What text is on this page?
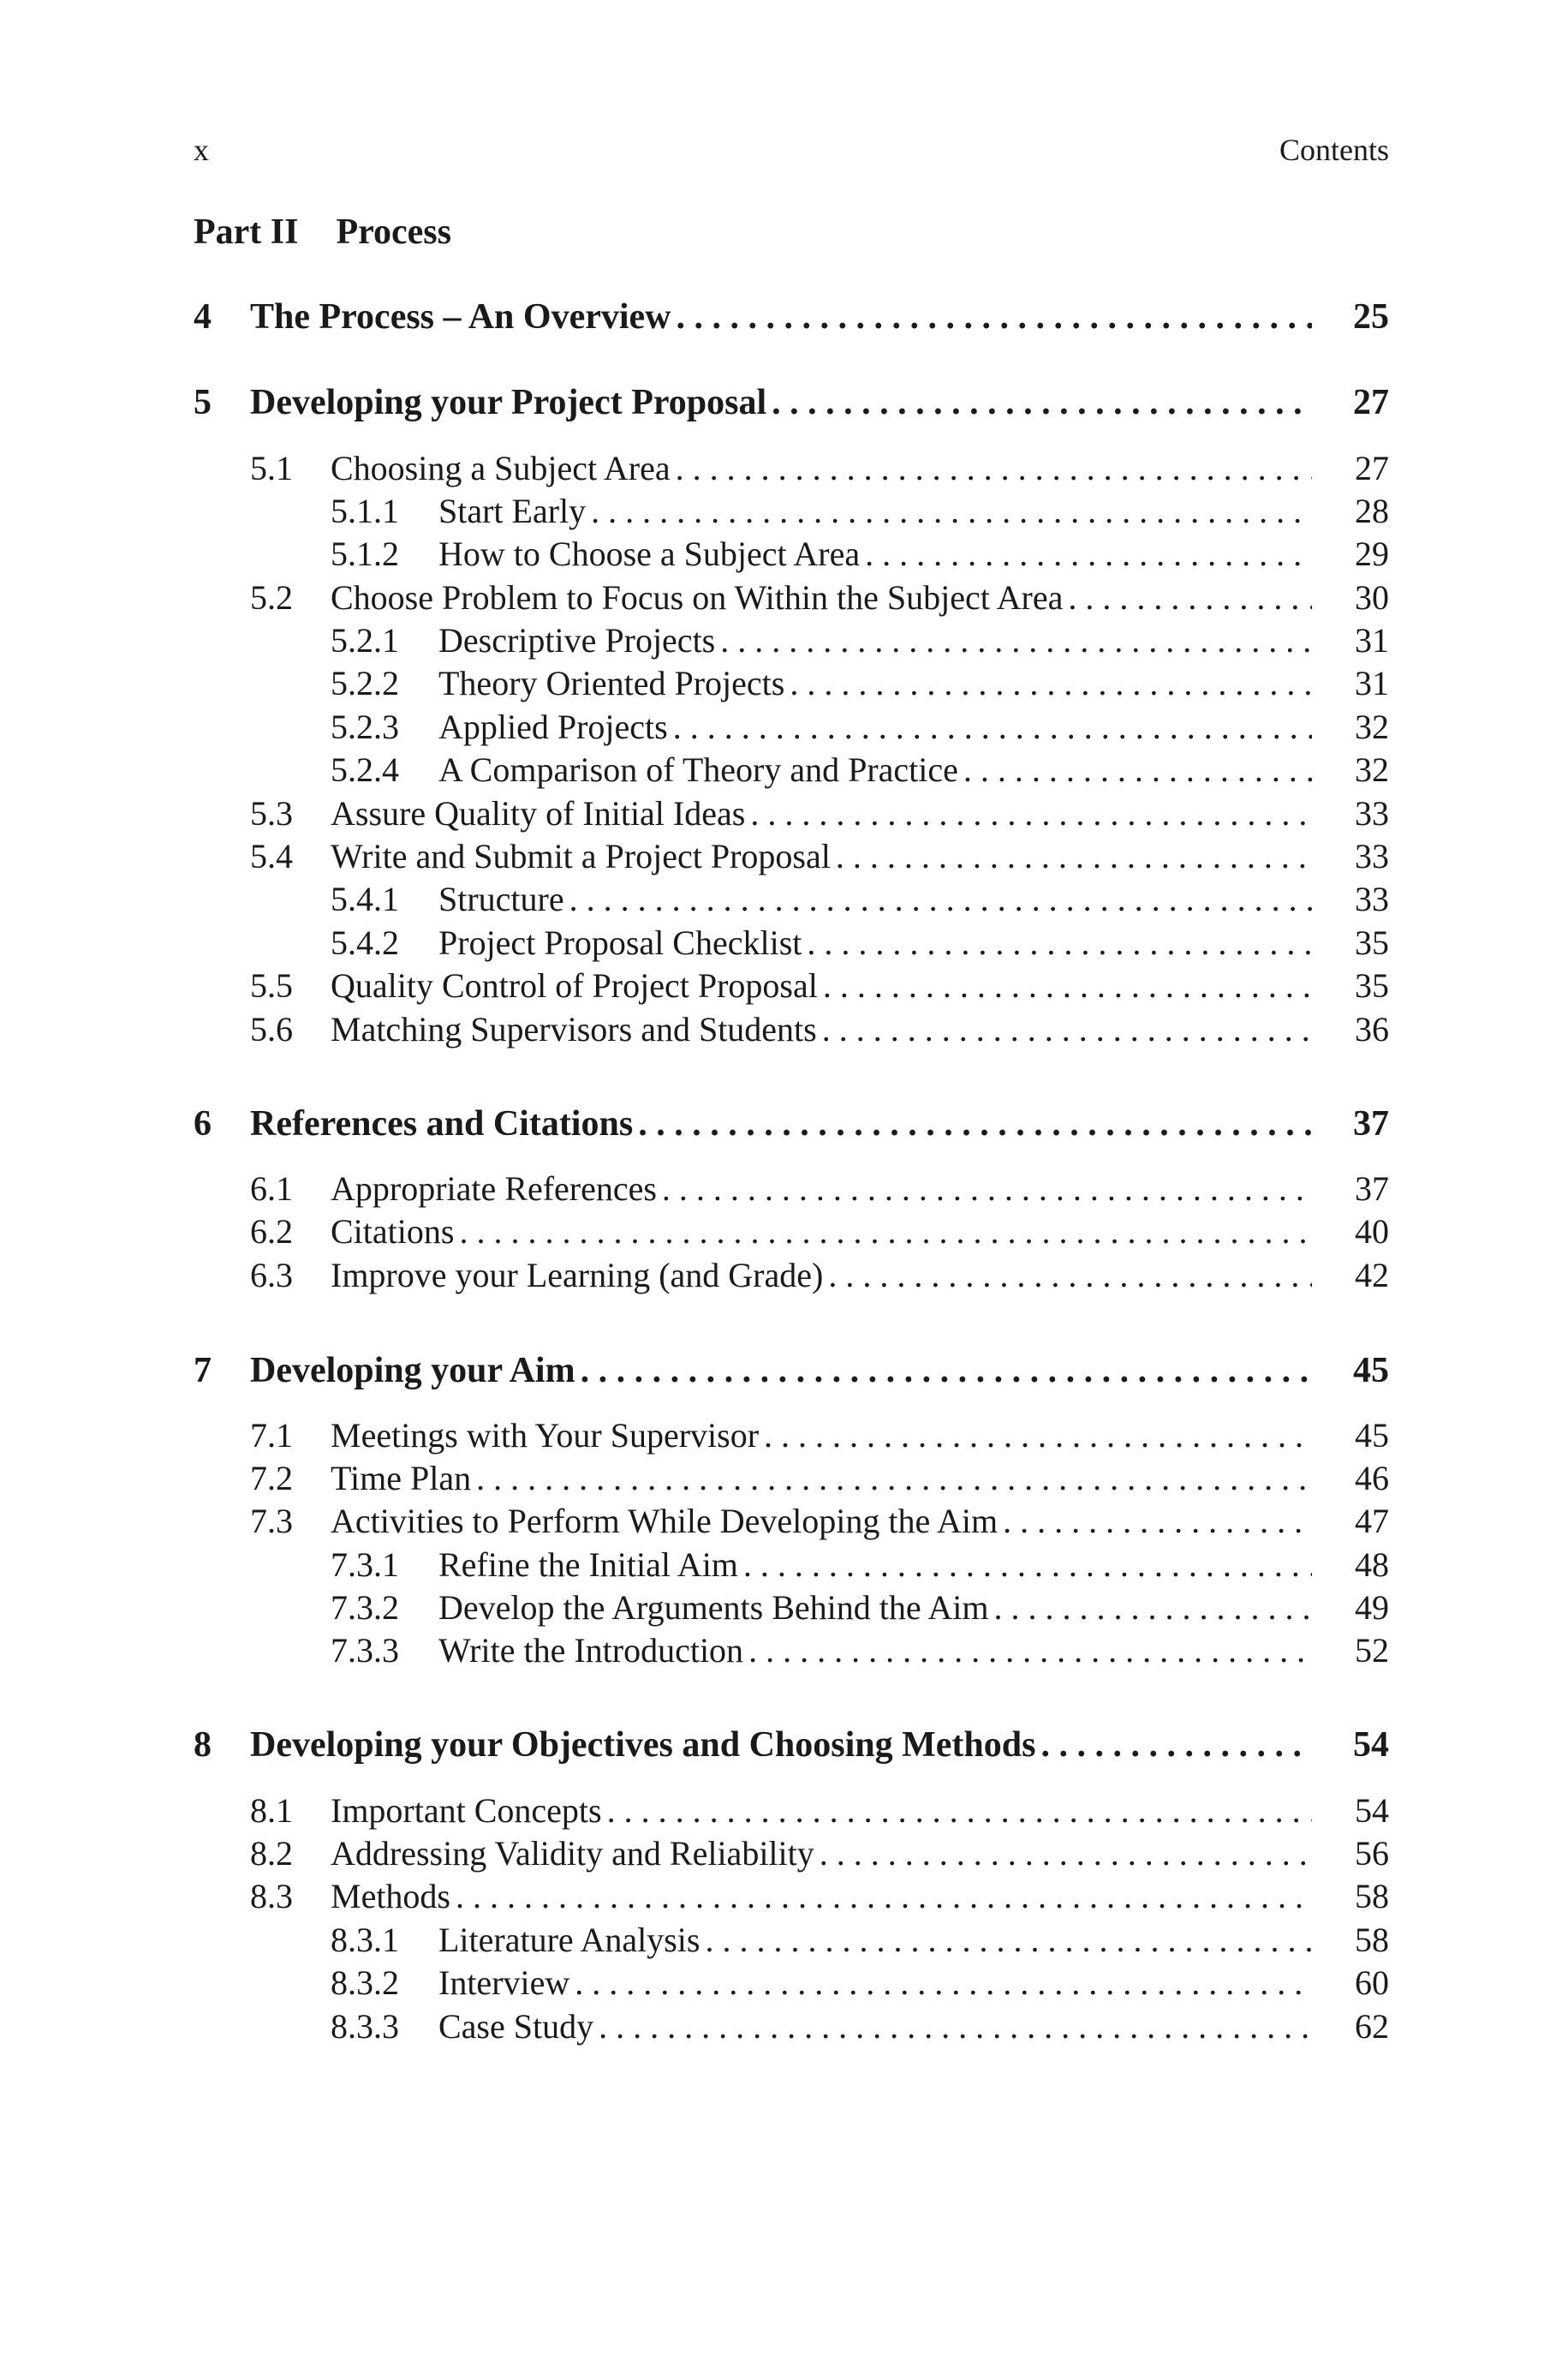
x	Contents
Part II Process
4 The Process – An Overview . . .	25
5 Developing your Project Proposal . . .	27
5.1 Choosing a Subject Area . . .	27
5.1.1 Start Early . . .	28
5.1.2 How to Choose a Subject Area . . .	29
5.2 Choose Problem to Focus on Within the Subject Area . . .	30
5.2.1 Descriptive Projects . . .	31
5.2.2 Theory Oriented Projects . . .	31
5.2.3 Applied Projects . . .	32
5.2.4 A Comparison of Theory and Practice . . .	32
5.3 Assure Quality of Initial Ideas . . .	33
5.4 Write and Submit a Project Proposal . . .	33
5.4.1 Structure . . .	33
5.4.2 Project Proposal Checklist . . .	35
5.5 Quality Control of Project Proposal . . .	35
5.6 Matching Supervisors and Students . . .	36
6 References and Citations . . .	37
6.1 Appropriate References . . .	37
6.2 Citations . . .	40
6.3 Improve your Learning (and Grade) . . .	42
7 Developing your Aim . . .	45
7.1 Meetings with Your Supervisor . . .	45
7.2 Time Plan . . .	46
7.3 Activities to Perform While Developing the Aim . . .	47
7.3.1 Refine the Initial Aim . . .	48
7.3.2 Develop the Arguments Behind the Aim . . .	49
7.3.3 Write the Introduction . . .	52
8 Developing your Objectives and Choosing Methods . . .	54
8.1 Important Concepts . . .	54
8.2 Addressing Validity and Reliability . . .	56
8.3 Methods . . .	58
8.3.1 Literature Analysis . . .	58
8.3.2 Interview . . .	60
8.3.3 Case Study . . .	62
